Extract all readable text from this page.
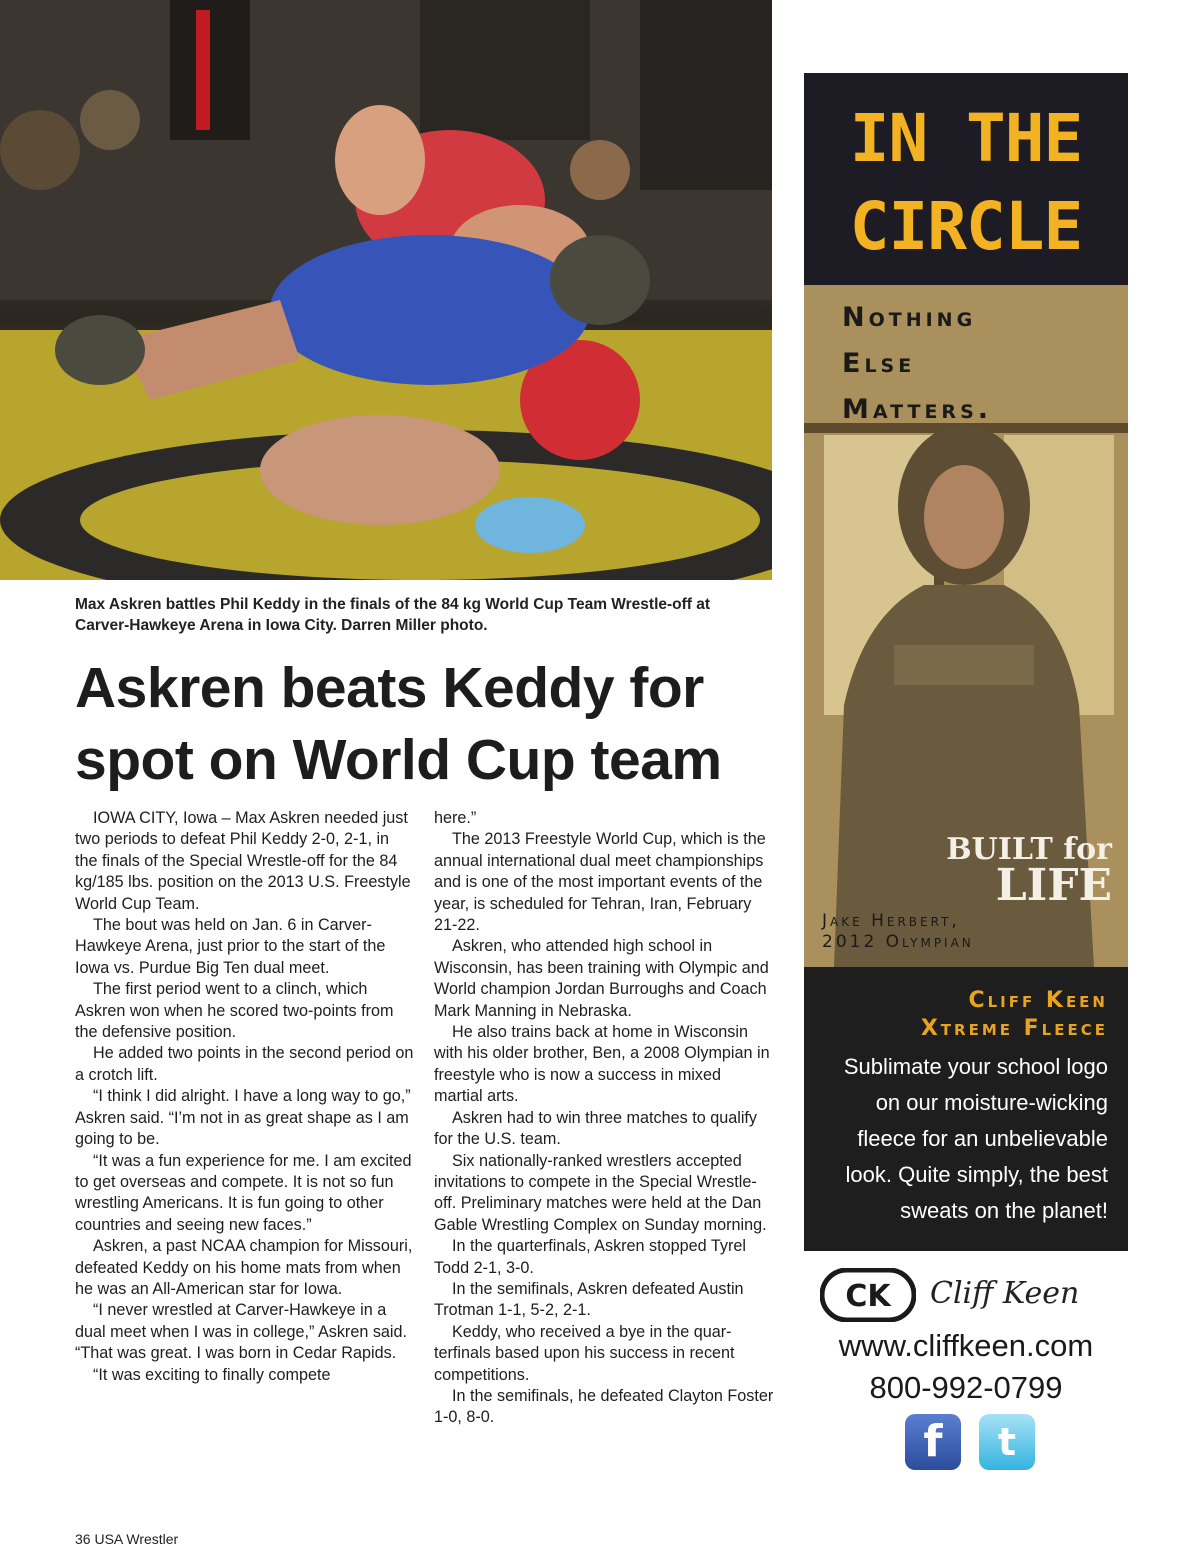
Max Askren battles Phil Keddy in the finals of the 84 kg World Cup Team Wrestle-off at Carver-Hawkeye Arena in Iowa City. Darren Miller photo.
Askren beats Keddy for spot on World Cup team

IOWA CITY, Iowa – Max Askren needed just two periods to defeat Phil Keddy 2-0, 2-1, in the finals of the Special Wrestle-off for the 84 kg/185 lbs. position on the 2013 U.S. Freestyle World Cup Team.

The bout was held on Jan. 6 in Carver-Hawkeye Arena, just prior to the start of the Iowa vs. Purdue Big Ten dual meet.

The first period went to a clinch, which Askren won when he scored two-points from the defensive position.

He added two points in the second period on a crotch lift.

“I think I did alright. I have a long way to go,” Askren said. “I’m not in as great shape as I am going to be.

“It was a fun experience for me. I am excited to get overseas and compete. It is not so fun wrestling Americans. It is fun going to other countries and seeing new faces.”

Askren, a past NCAA champion for Missouri, defeated Keddy on his home mats from when he was an All-American star for Iowa.

“I never wrestled at Carver-Hawkeye in a dual meet when I was in college,” Askren said. “That was great. I was born in Cedar Rapids.

“It was exciting to finally compete

here.”

The 2013 Freestyle World Cup, which is the annual international dual meet championships and is one of the most important events of the year, is scheduled for Tehran, Iran, February 21-22.

Askren, who attended high school in Wisconsin, has been training with Olympic and World champion Jordan Burroughs and Coach Mark Manning in Nebraska.

He also trains back at home in Wisconsin with his older brother, Ben, a 2008 Olympian in freestyle who is now a success in mixed martial arts.

Askren had to win three matches to qualify for the U.S. team.

Six nationally-ranked wrestlers accepted invitations to compete in the Special Wrestle-off. Preliminary matches were held at the Dan Gable Wrestling Complex on Sunday morning.

In the quarterfinals, Askren stopped Tyrel Todd 2-1, 3-0.

In the semifinals, Askren defeated Austin Trotman 1-1, 5-2, 2-1.

Keddy, who received a bye in the quarterfinals based upon his success in recent competitions.

In the semifinals, he defeated Clayton Foster 1-0, 8-0.

36 USA Wrestler
IN THE
CIRCLE
Nothing
Else
Matters.
BUILT for
LIFE
Jake Herbert,
2012 Olympian
Cliff Keen
Xtreme Fleece
Sublimate your school logo on our moisture-wicking fleece for an unbelievable look. Quite simply, the best sweats on the planet!
CK Cliff Keen
www.cliffkeen.com
800-992-0799
f	t
